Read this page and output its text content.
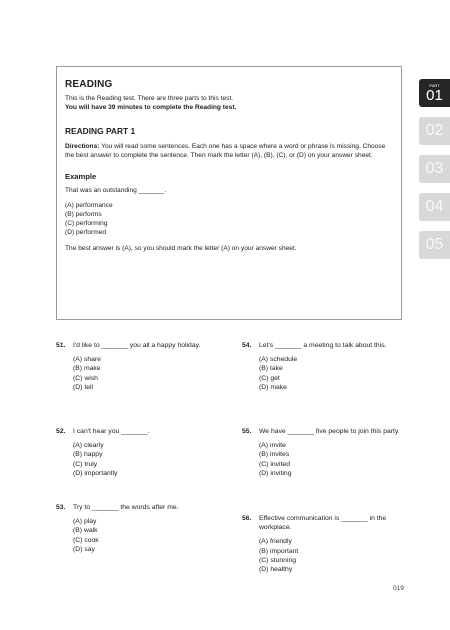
READING

This is the Reading test. There are three parts to this test.

You will have 39 minutes to complete the Reading test.

READING PART 1

Directions: You will read some sentences. Each one has a space where a word or phrase is missing. Choose the best answer to complete the sentence. Then mark the letter (A), (B), (C), or (D) on your answer sheet.

Example

That was an outstanding _______.

(A) performance

(B) performs

(C) performing

(D) performed

The best answer is (A), so you should mark the letter (A) on your answer sheet.

PART
01
02
03
04
05
51. I'd like to _______ you all a happy holiday.
(A) share
(B) make
(C) wish
(D) tell
52. I can't hear you _______.
(A) clearly
(B) happy
(C) truly
(D) importantly
53. Try to _______ the words after me.
(A) play
(B) walk
(C) cook
(D) say
54. Let's _______ a meeting to talk about this.
(A) schedule
(B) take
(C) get
(D) make
55. We have _______ five people to join this party.
(A) invite
(B) invites
(C) invited
(D) inviting
56. Effective communication is _______ in the workplace.
(A) friendly
(B) important
(C) stunning
(D) healthy
019
